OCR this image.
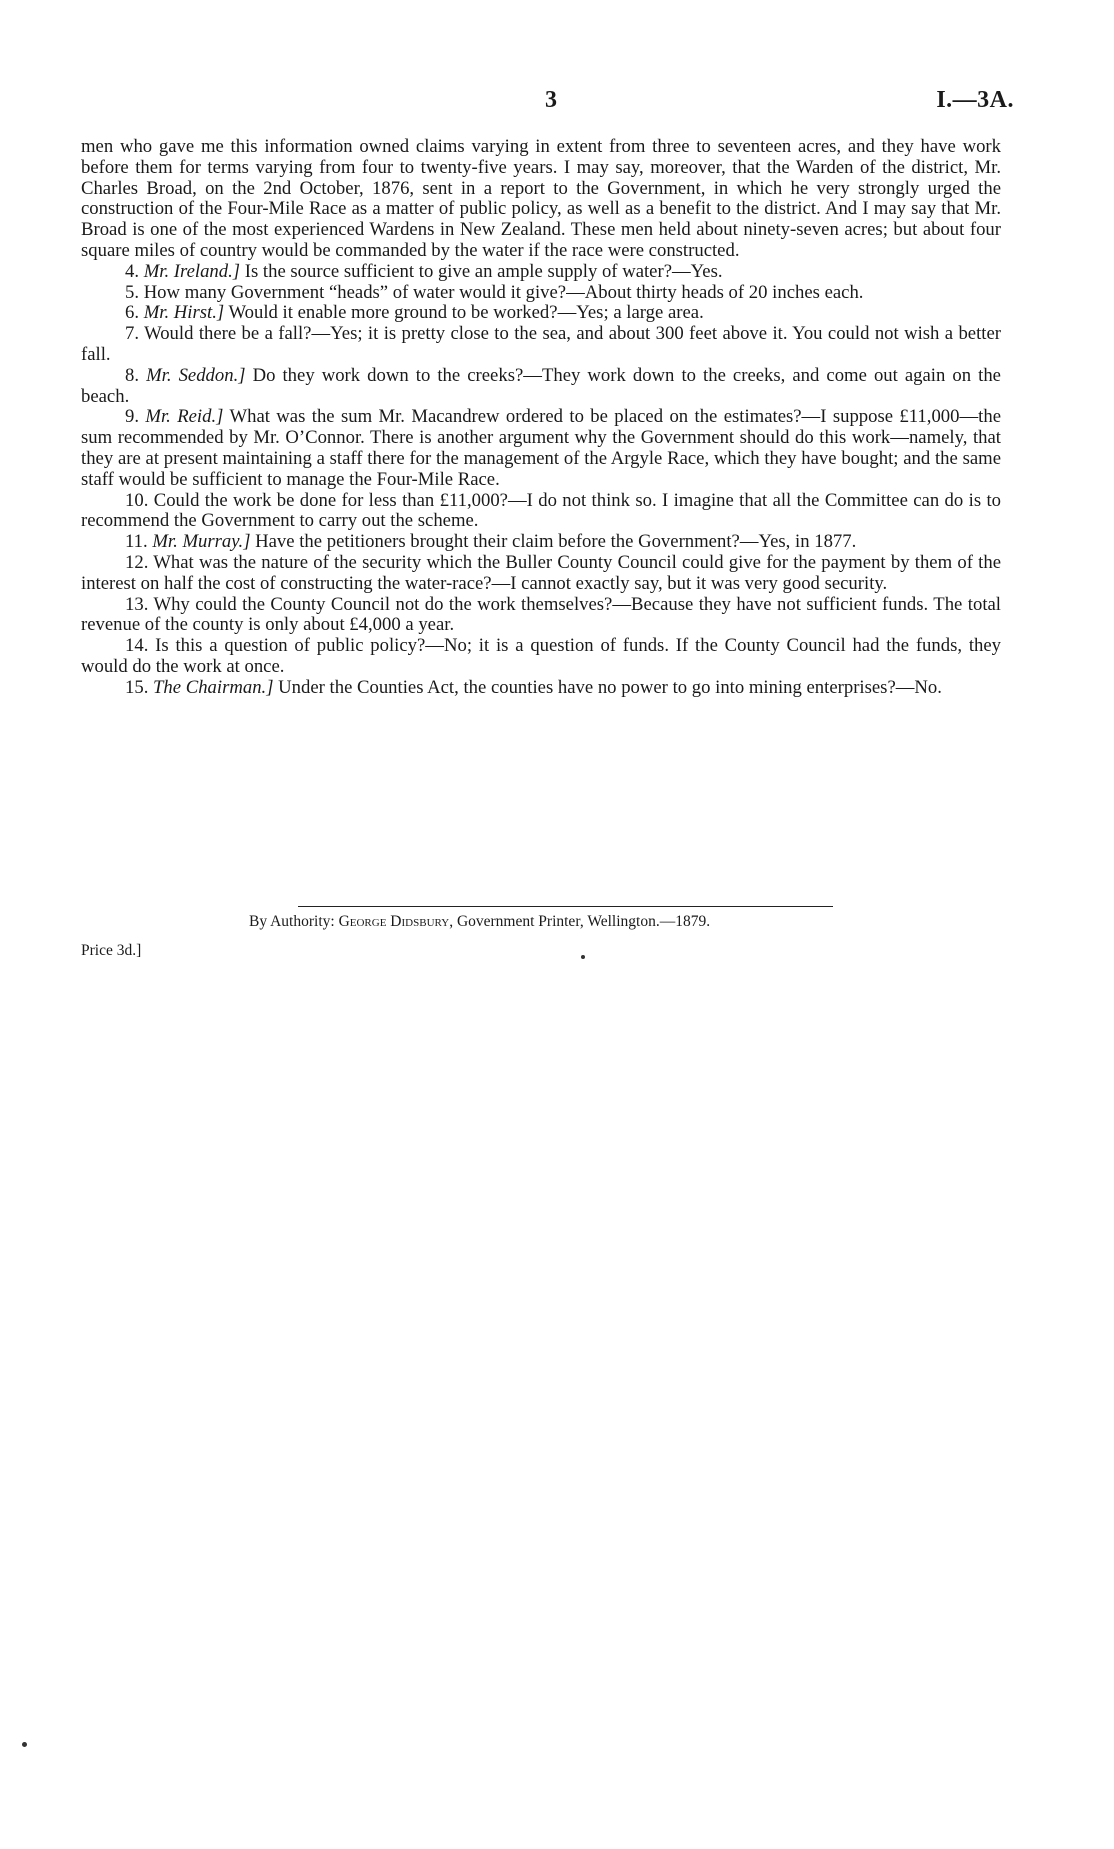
3	I.—3A.

men who gave me this information owned claims varying in extent from three to seventeen acres, and they have work before them for terms varying from four to twenty-five years. I may say, moreover, that the Warden of the district, Mr. Charles Broad, on the 2nd October, 1876, sent in a report to the Government, in which he very strongly urged the construction of the Four-Mile Race as a matter of public policy, as well as a benefit to the district. And I may say that Mr. Broad is one of the most experienced Wardens in New Zealand. These men held about ninety-seven acres; but about four square miles of country would be commanded by the water if the race were constructed.

4. Mr. Ireland.] Is the source sufficient to give an ample supply of water?—Yes.

5. How many Government “heads” of water would it give?—About thirty heads of 20 inches each.

6. Mr. Hirst.] Would it enable more ground to be worked?—Yes; a large area.

7. Would there be a fall?—Yes; it is pretty close to the sea, and about 300 feet above it. You could not wish a better fall.

8. Mr. Seddon.] Do they work down to the creeks?—They work down to the creeks, and come out again on the beach.

9. Mr. Reid.] What was the sum Mr. Macandrew ordered to be placed on the estimates?—I suppose £11,000—the sum recommended by Mr. O’Connor. There is another argument why the Government should do this work—namely, that they are at present maintaining a staff there for the management of the Argyle Race, which they have bought; and the same staff would be sufficient to manage the Four-Mile Race.

10. Could the work be done for less than £11,000?—I do not think so. I imagine that all the Committee can do is to recommend the Government to carry out the scheme.

11. Mr. Murray.] Have the petitioners brought their claim before the Government?—Yes, in 1877.

12. What was the nature of the security which the Buller County Council could give for the payment by them of the interest on half the cost of constructing the water-race?—I cannot exactly say, but it was very good security.

13. Why could the County Council not do the work themselves?—Because they have not sufficient funds. The total revenue of the county is only about £4,000 a year.

14. Is this a question of public policy?—No; it is a question of funds. If the County Council had the funds, they would do the work at once.

15. The Chairman.] Under the Counties Act, the counties have no power to go into mining enterprises?—No.

By Authority: George Didsbury, Government Printer, Wellington.—1879.
Price 3d.]
